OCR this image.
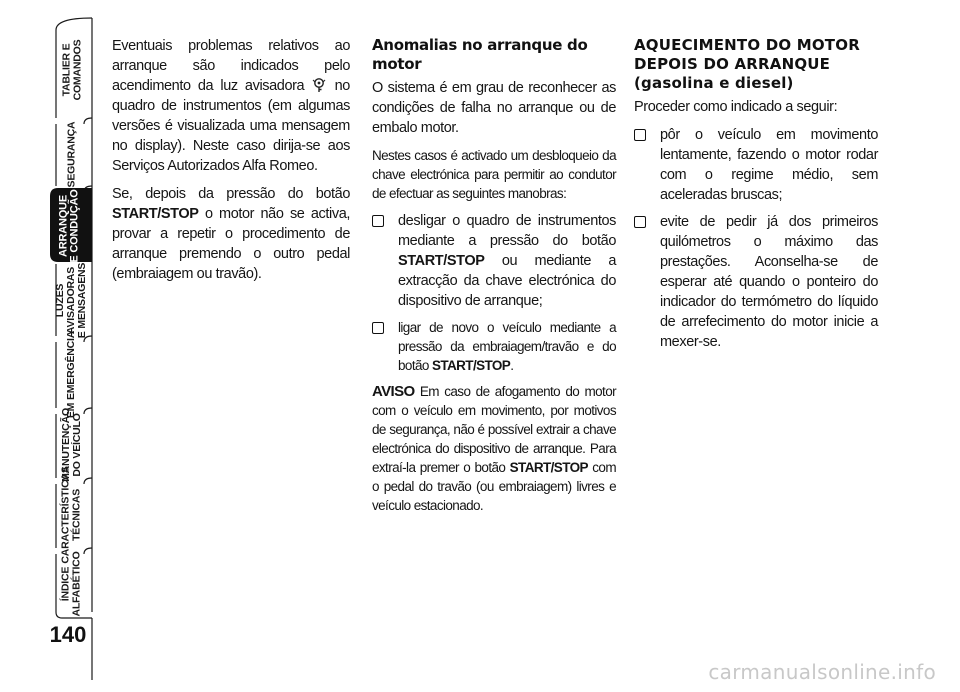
TABLIER E COMANDOS
SEGURANÇA
ARRANQUE E CONDUÇÃO
LUZES AVISADORAS E MENSAGENS
EM EMERGÊNCIA
MANUTENÇÃO DO VEÍCULO
CARACTERÍSTICAS TÉCNICAS
ÍNDICE ALFABÉTICO
140

Eventuais problemas relativos ao arranque são indicados pelo acendimento da luz avisadora no quadro de instrumentos (em algumas versões é visualizada uma mensagem no display). Neste caso dirija-se aos Serviços Autorizados Alfa Romeo.

Se, depois da pressão do botão START/STOP o motor não se activa, provar a repetir o procedimento de arranque premendo o outro pedal (embraiagem ou travão).

Anomalias no arranque do motor

O sistema é em grau de reconhecer as condições de falha no arranque ou de embalo motor.

Nestes casos é activado um desbloqueio da chave electrónica para permitir ao condutor de efectuar as seguintes manobras:

desligar o quadro de instrumentos mediante a pressão do botão START/STOP ou mediante a extracção da chave electrónica do dispositivo de arranque;
ligar de novo o veículo mediante a pressão da embraiagem/travão e do botão START/STOP.

AVISO Em caso de afogamento do motor com o veículo em movimento, por motivos de segurança, não é possível extrair a chave electrónica do dispositivo de arranque. Para extraí-la premer o botão START/STOP com o pedal do travão (ou embraiagem) livres e veículo estacionado.

AQUECIMENTO DO MOTOR DEPOIS DO ARRANQUE (gasolina e diesel)

Proceder como indicado a seguir:

pôr o veículo em movimento lentamente, fazendo o motor rodar com o regime médio, sem aceleradas bruscas;
evite de pedir já dos primeiros quilómetros o máximo das prestações. Aconselha-se de esperar até quando o ponteiro do indicador do termómetro do líquido de arrefecimento do motor inicie a mexer-se.
carmanualsonline.info
